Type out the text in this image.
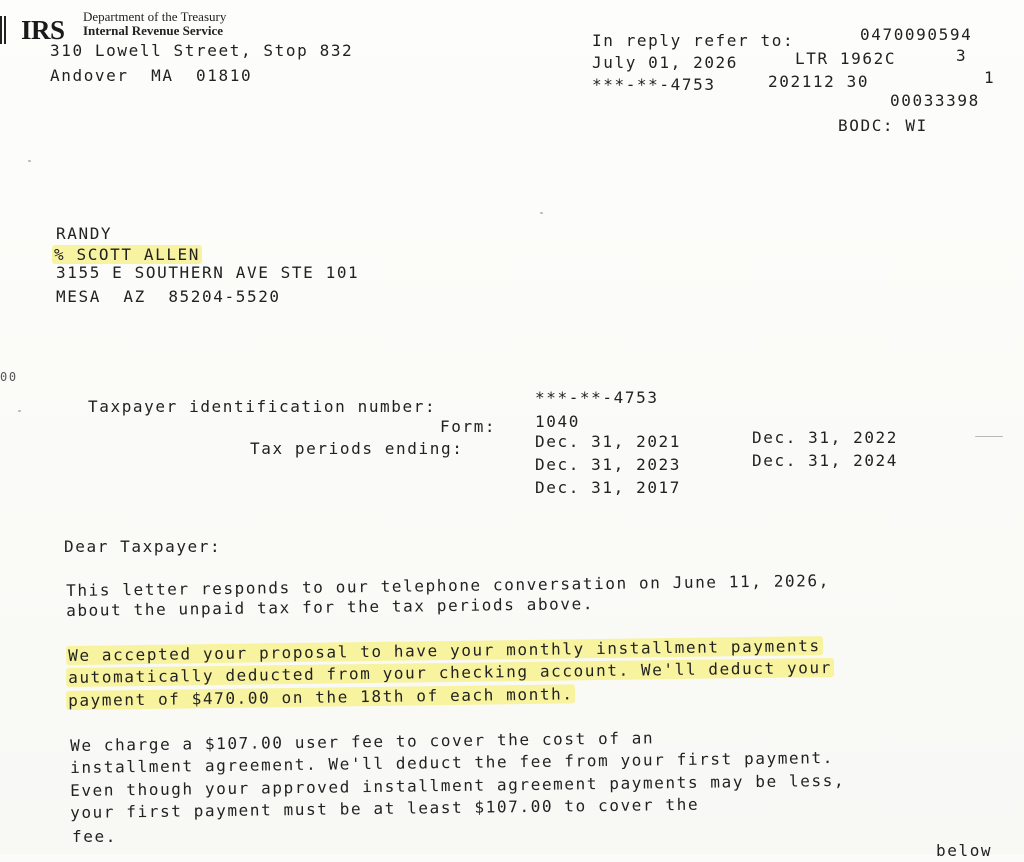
IRS Department of the Treasury
Internal Revenue Service
310 Lowell Street, Stop 832
Andover  MA  01810
In reply refer to:	0470090594
July 01, 2026	LTR 1962C	3
***-**-4753	202112 30	1
00033398
BODC: WI
RANDY
% SCOTT ALLEN
3155 E SOUTHERN AVE STE 101
MESA  AZ  85204-5520
00
Taxpayer identification number:	***-**-4753
Form: 1040
Tax periods ending:	Dec. 31, 2021	Dec. 31, 2022
Dec. 31, 2023	Dec. 31, 2024
Dec. 31, 2017
Dear Taxpayer:
This letter responds to our telephone conversation on June 11, 2026,
about the unpaid tax for the tax periods above.
We accepted your proposal to have your monthly installment payments
automatically deducted from your checking account. We'll deduct your
payment of $470.00 on the 18th of each month.
We charge a $107.00 user fee to cover the cost of an
installment agreement. We'll deduct the fee from your first payment.
Even though your approved installment agreement payments may be less,
your first payment must be at least $107.00 to cover the
fee.
below
